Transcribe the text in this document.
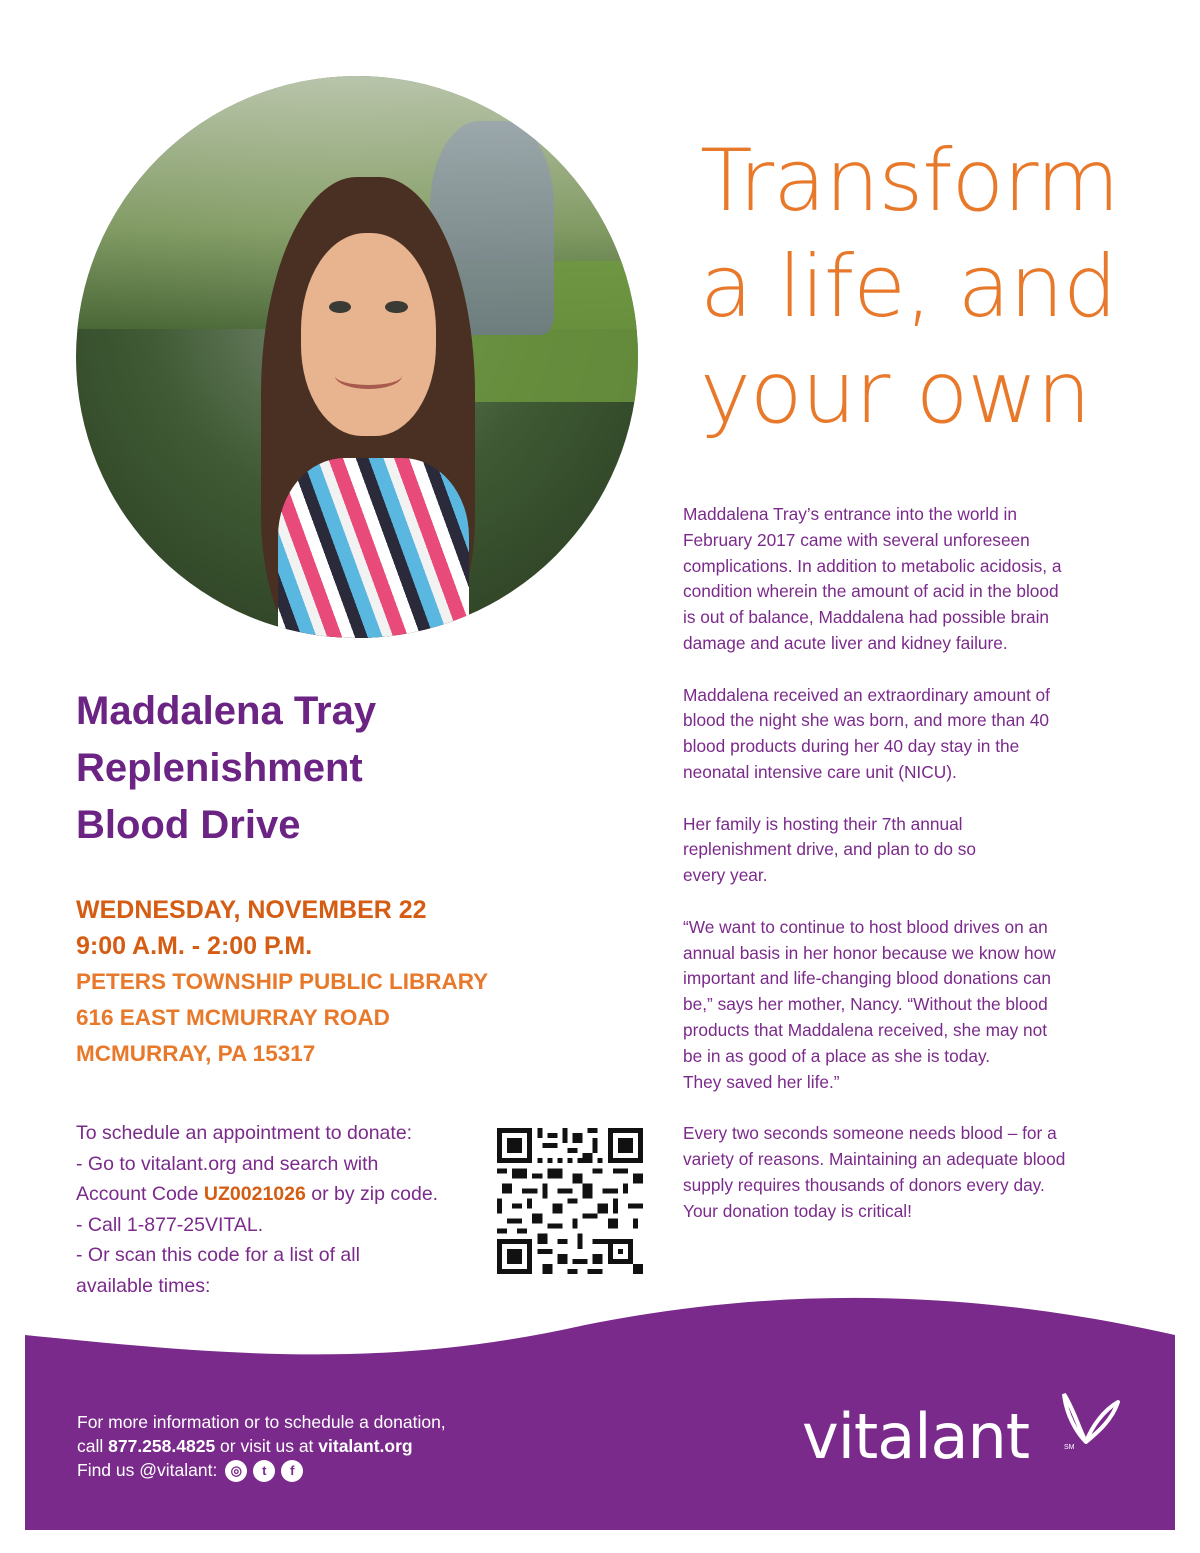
Transform
a life, and
your own

Maddalena Tray’s entrance into the world in
February 2017 came with several unforeseen
complications. In addition to metabolic acidosis, a
condition wherein the amount of acid in the blood
is out of balance, Maddalena had possible brain
damage and acute liver and kidney failure.

Maddalena received an extraordinary amount of
blood the night she was born, and more than 40
blood products during her 40 day stay in the
neonatal intensive care unit (NICU).

Her family is hosting their 7th annual
replenishment drive, and plan to do so
every year.

“We want to continue to host blood drives on an
annual basis in her honor because we know how
important and life-changing blood donations can
be,” says her mother, Nancy. “Without the blood
products that Maddalena received, she may not
be in as good of a place as she is today.
They saved her life.”

Every two seconds someone needs blood – for a
variety of reasons. Maintaining an adequate blood
supply requires thousands of donors every day.
Your donation today is critical!

Maddalena Tray
Replenishment
Blood Drive
WEDNESDAY, NOVEMBER 22
9:00 A.M. - 2:00 P.M.
PETERS TOWNSHIP PUBLIC LIBRARY
616 EAST MCMURRAY ROAD
MCMURRAY, PA 15317
To schedule an appointment to donate:
- Go to vitalant.org and search with
Account Code UZ0021026 or by zip code.
- Call 1-877-25VITAL.
- Or scan this code for a list of all
available times:
For more information or to schedule a donation,
call 877.258.4825 or visit us at vitalant.org
Find us @vitalant:	◎	t	f	vitalant	SM
